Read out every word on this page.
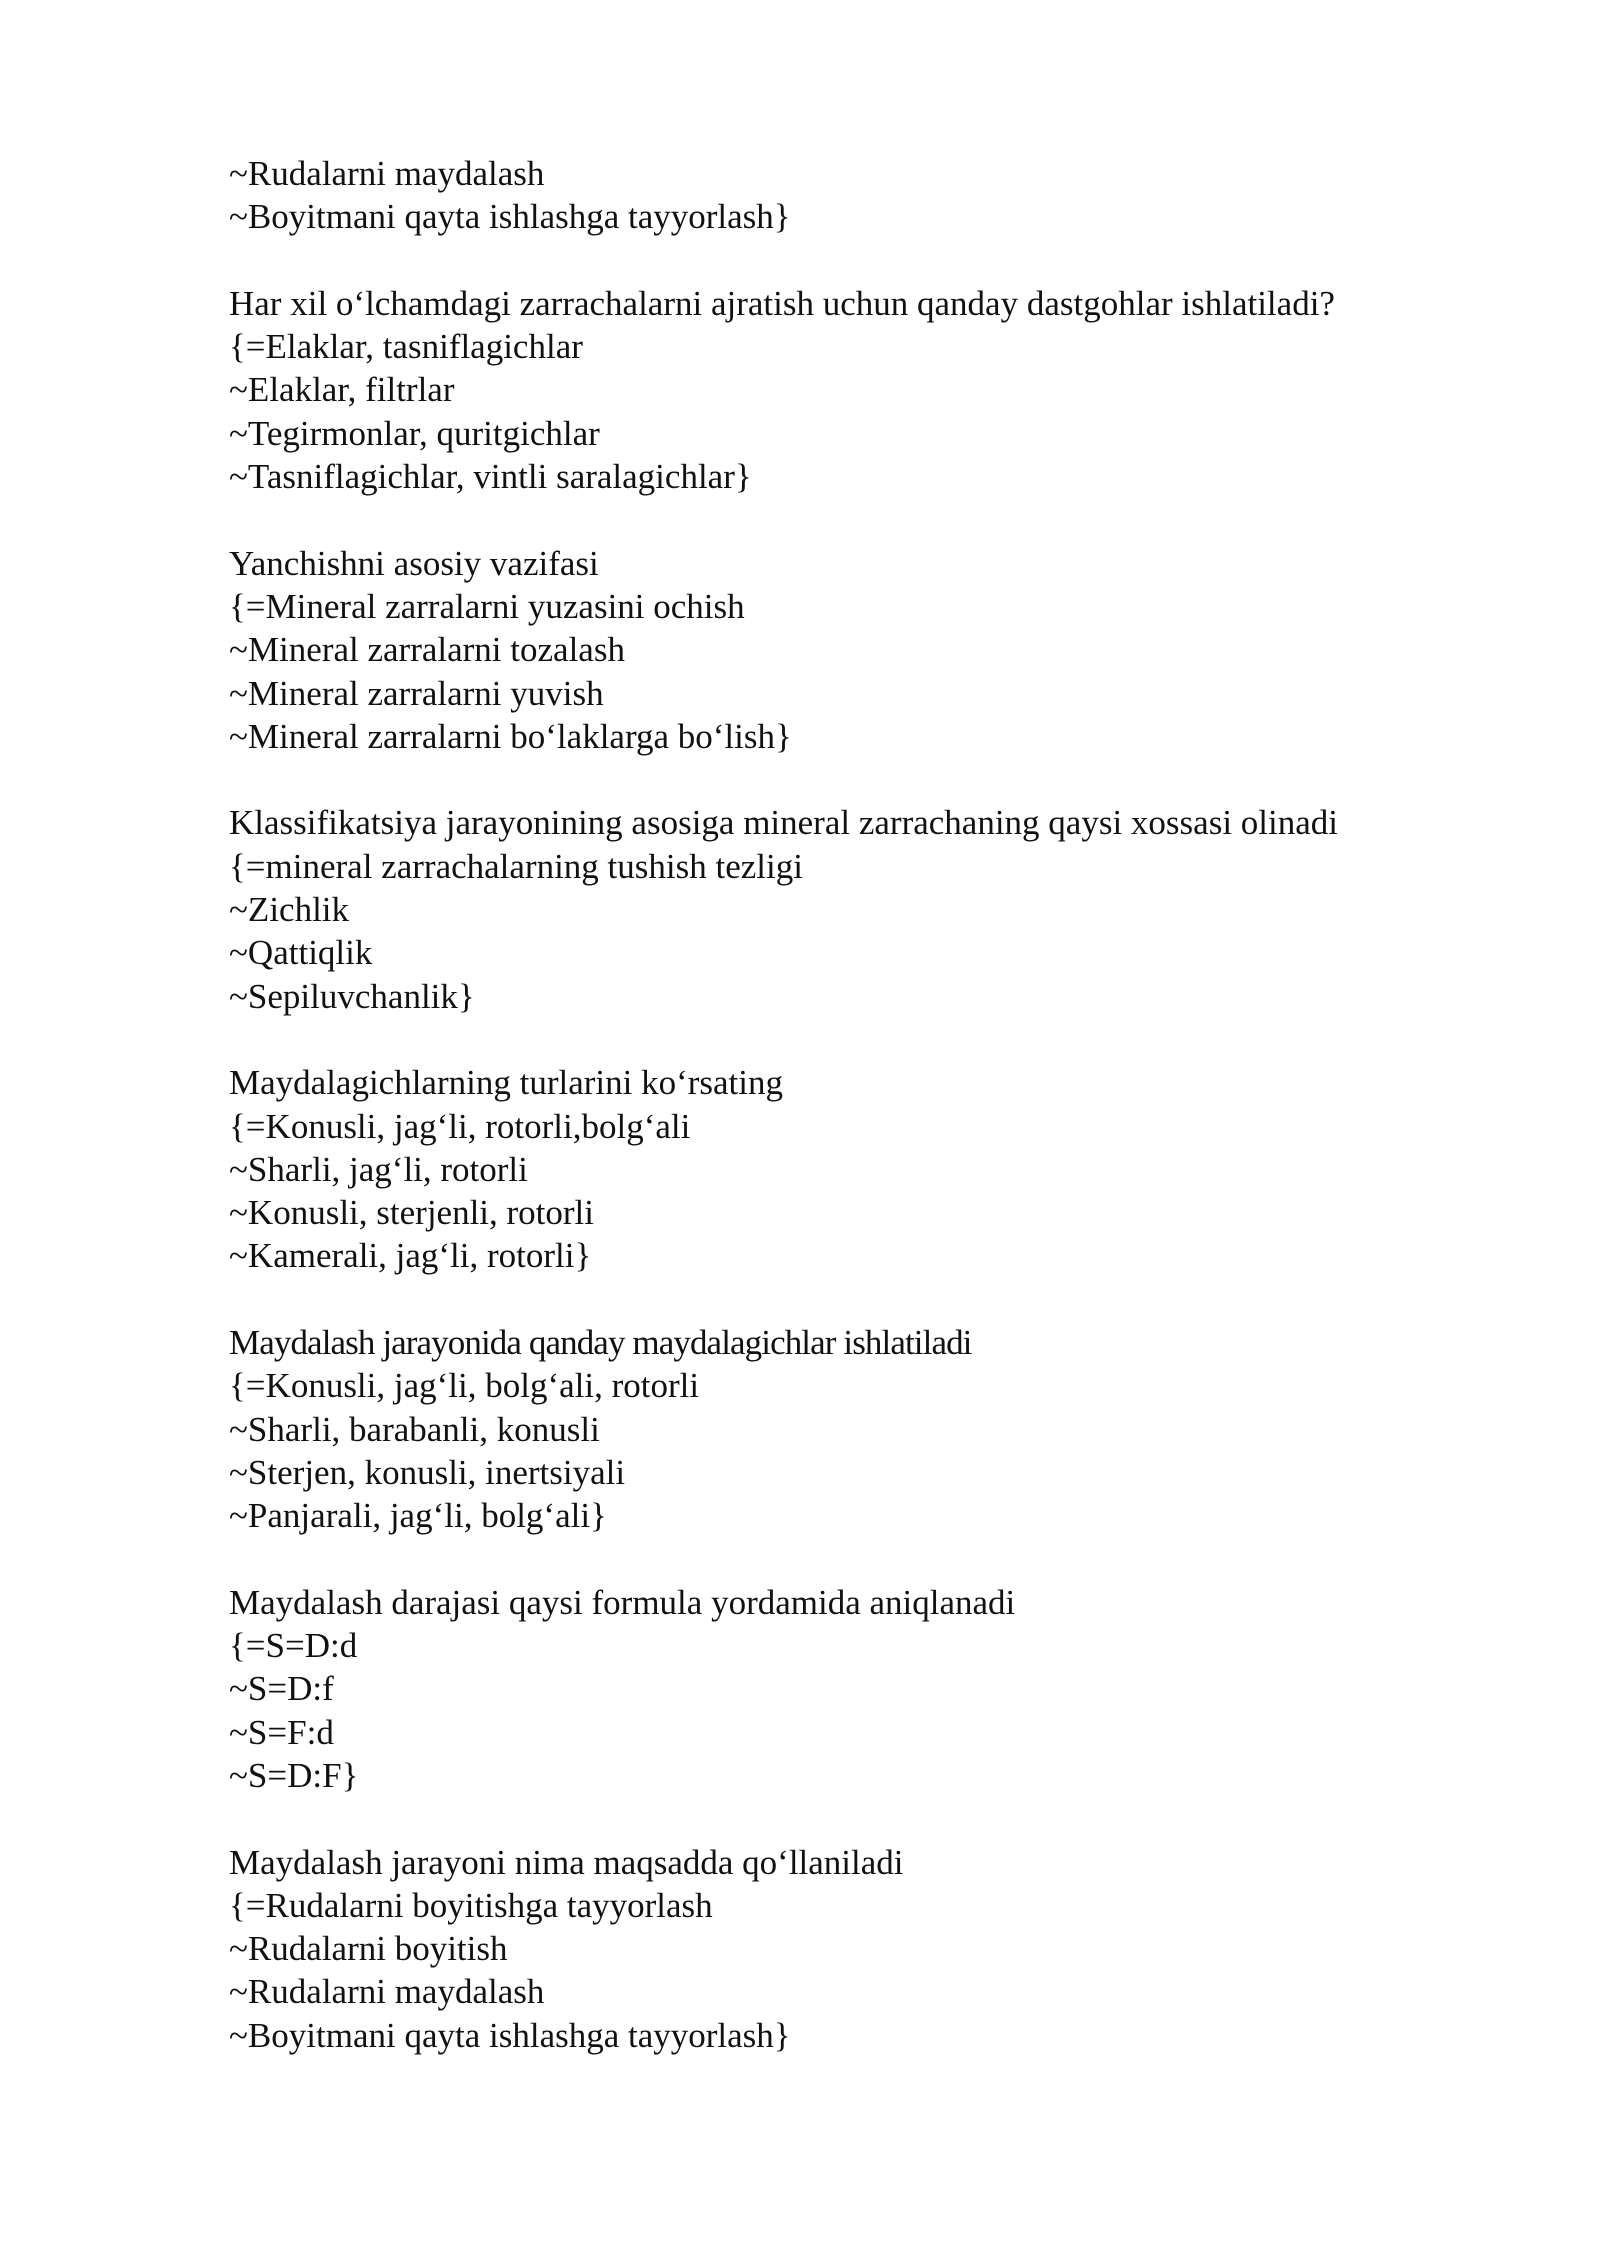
~Rudalarni maydalash
~Boyitmani qayta ishlashga tayyorlash}
Har xil o‘lchamdagi zarrachalarni ajratish uchun qanday dastgohlar ishlatiladi?
{=Elaklar, tasniflagichlar
~Elaklar, filtrlar
~Tegirmonlar, quritgichlar
~Tasniflagichlar, vintli saralagichlar}
Yanchishni asosiy vazifasi
{=Mineral zarralarni yuzasini ochish
~Mineral zarralarni tozalash
~Mineral zarralarni yuvish
~Mineral zarralarni bo‘laklarga bo‘lish}
Klassifikatsiya jarayonining asosiga mineral zarrachaning qaysi xossasi olinadi
{=mineral zarrachalarning tushish tezligi
~Zichlik
~Qattiqlik
~Sepiluvchanlik}
Maydalagichlarning turlarini ko‘rsating
{=Konusli, jag‘li, rotorli,bolg‘ali
~Sharli, jag‘li, rotorli
~Konusli, sterjenli, rotorli
~Kamerali, jag‘li, rotorli}
Maydalash jarayonida qanday maydalagichlar ishlatiladi
{=Konusli, jag‘li, bolg‘ali, rotorli
~Sharli, barabanli, konusli
~Sterjen, konusli, inertsiyali
~Panjarali, jag‘li, bolg‘ali}
Maydalash darajasi qaysi formula yordamida aniqlanadi
{=S=D:d
~S=D:f
~S=F:d
~S=D:F}
Maydalash jarayoni nima maqsadda qo‘llaniladi
{=Rudalarni boyitishga tayyorlash
~Rudalarni boyitish
~Rudalarni maydalash
~Boyitmani qayta ishlashga tayyorlash}
